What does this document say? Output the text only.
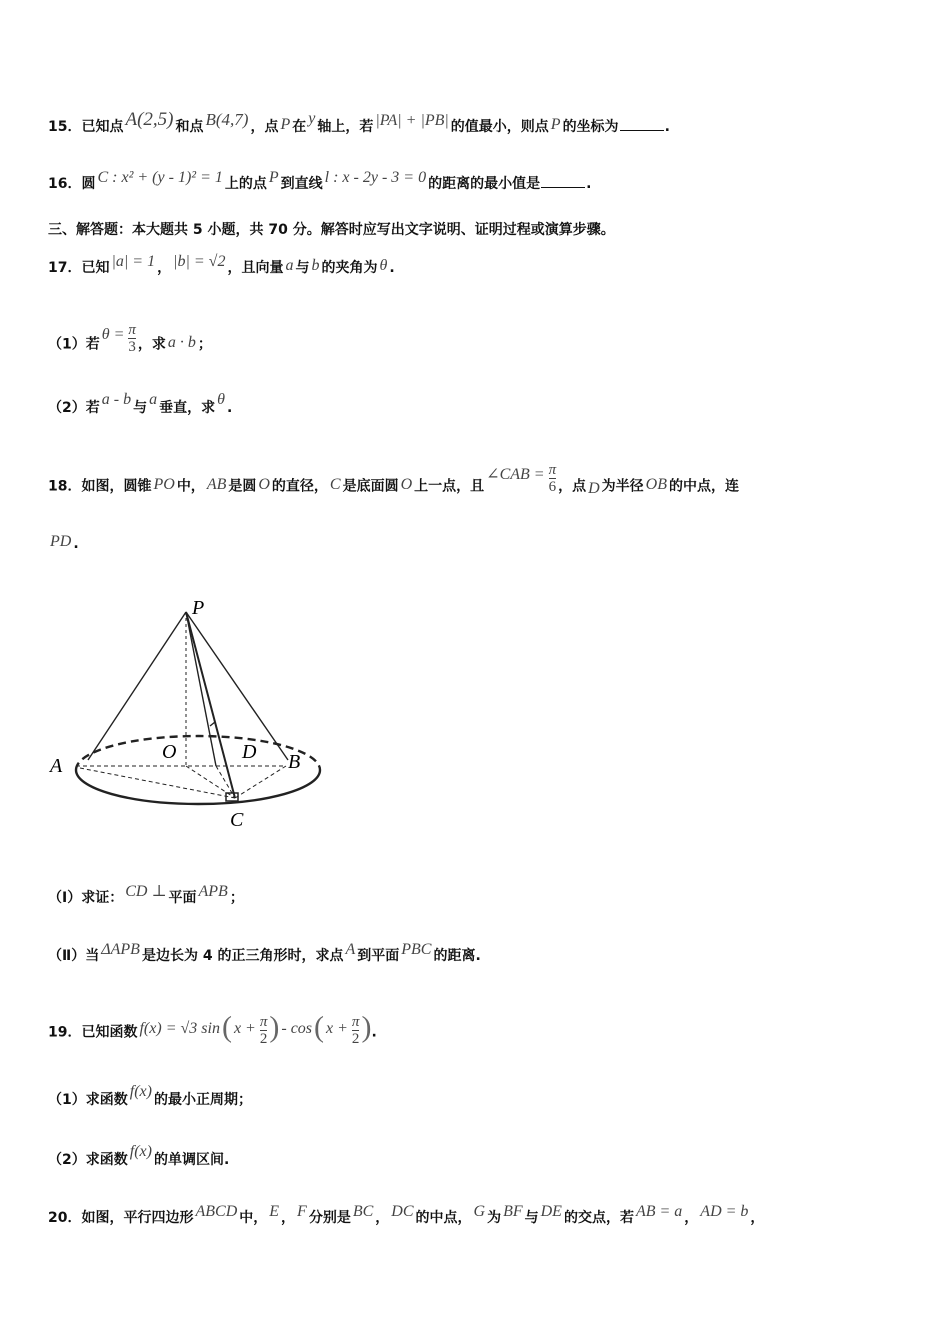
15．已知点 A(2,5) 和点 B(4,7) ，点 P 在 y 轴上，若 |PA| + |PB| 的值最小，则点 P 的坐标为	.
16．圆 C : x² + (y - 1)² = 1 上的点 P 到直线 l : x - 2y - 3 = 0 的距离的最小值是	.
三、解答题：本大题共 5 小题，共 70 分。解答时应写出文字说明、证明过程或演算步骤。
17．已知 |a| = 1 ， |b| = √2 ，且向量 a 与 b 的夹角为 θ .
（1）若$\theta = \frac{\pi}{3}$ ，求 a · b ；
（2）若 a - b 与 a 垂直，求 θ .
18．如图，圆锥 PO 中， AB 是圆 O 的直径， C 是底面圆 O 上一点，且∠CAB = $\frac{\pi}{6}$ ，点 D 为半径 OB 的中点，连
PD .
P
A
O	D B
C
（Ⅰ）求证： CD ⊥ 平面 APB ；
（Ⅱ）当 ΔAPB 是边长为 4 的正三角形时，求点 A 到平面 PBC 的距离.
19．已知函数 f(x) = √3 sin( $x + \frac{\pi}{2}$ ) - cos( $x + \frac{\pi}{2}$ ).
（1）求函数 f(x) 的最小正周期；
（2）求函数 f(x) 的单调区间.
20．如图，平行四边形 ABCD 中， E ， F 分别是 BC ， DC 的中点， G 为 BF 与 DE 的交点，若 AB = a ， AD = b ，
